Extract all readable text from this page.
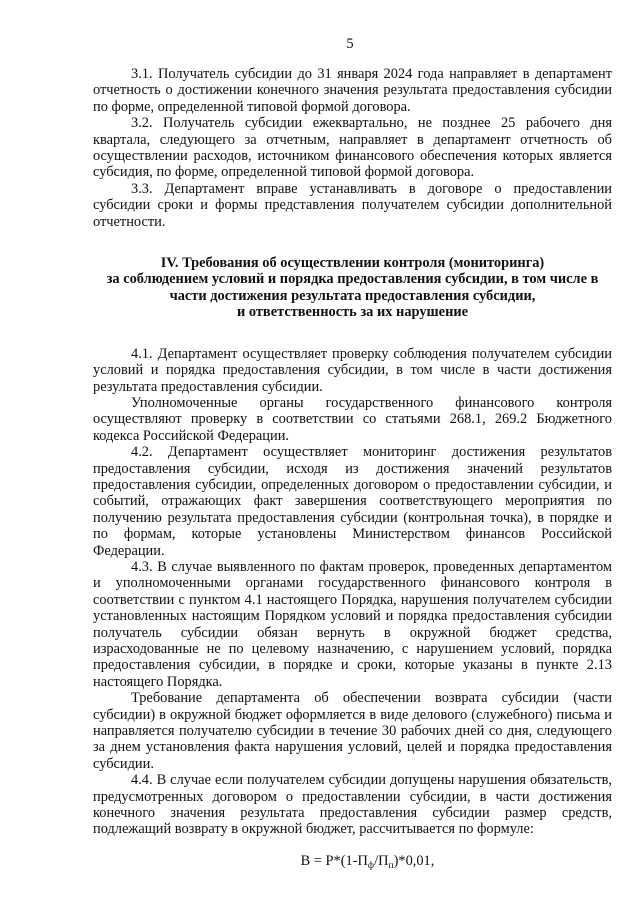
5

3.1. Получатель субсидии до 31 января 2024 года направляет в департамент отчетность о достижении конечного значения результата предоставления субсидии по форме, определенной типовой формой договора.

3.2. Получатель субсидии ежеквартально, не позднее 25 рабочего дня квартала, следующего за отчетным, направляет в департамент отчетность об осуществлении расходов, источником финансового обеспечения которых является субсидия, по форме, определенной типовой формой договора.

3.3. Департамент вправе устанавливать в договоре о предоставлении субсидии сроки и формы представления получателем субсидии дополнительной отчетности.

IV. Требования об осуществлении контроля (мониторинга)
за соблюдением условий и порядка предоставления субсидии, в том числе в части достижения результата предоставления субсидии,
и ответственность за их нарушение

4.1. Департамент осуществляет проверку соблюдения получателем субсидии условий и порядка предоставления субсидии, в том числе в части достижения результата предоставления субсидии.

Уполномоченные органы государственного финансового контроля осуществляют проверку в соответствии со статьями 268.1, 269.2 Бюджетного кодекса Российской Федерации.

4.2. Департамент осуществляет мониторинг достижения результатов предоставления субсидии, исходя из достижения значений результатов предоставления субсидии, определенных договором о предоставлении субсидии, и событий, отражающих факт завершения соответствующего мероприятия по получению результата предоставления субсидии (контрольная точка), в порядке и по формам, которые установлены Министерством финансов Российской Федерации.

4.3. В случае выявленного по фактам проверок, проведенных департаментом и уполномоченными органами государственного финансового контроля в соответствии с пунктом 4.1 настоящего Порядка, нарушения получателем субсидии установленных настоящим Порядком условий и порядка предоставления субсидии получатель субсидии обязан вернуть в окружной бюджет средства, израсходованные не по целевому назначению, с нарушением условий, порядка предоставления субсидии, в порядке и сроки, которые указаны в пункте 2.13 настоящего Порядка.

Требование департамента об обеспечении возврата субсидии (части субсидии) в окружной бюджет оформляется в виде делового (служебного) письма и направляется получателю субсидии в течение 30 рабочих дней со дня, следующего за днем установления факта нарушения условий, целей и порядка предоставления субсидии.

4.4. В случае если получателем субсидии допущены нарушения обязательств, предусмотренных договором о предоставлении субсидии, в части достижения конечного значения результата предоставления субсидии размер средств, подлежащий возврату в окружной бюджет, рассчитывается по формуле:

$В = Р*(1-П_ф/П_п)*0,01$,
